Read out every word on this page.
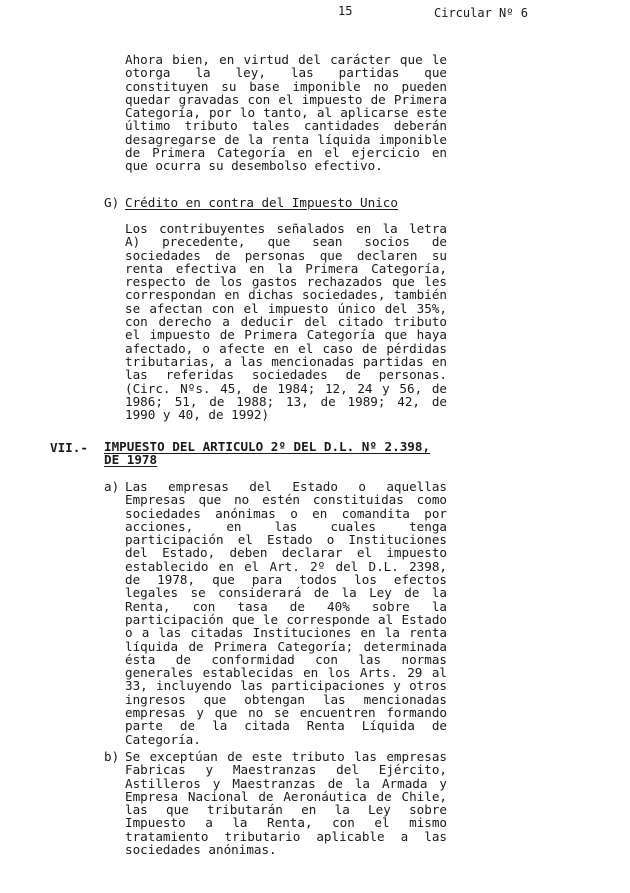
15	Circular Nº 6
Ahora bien, en virtud del carácter que le otorga la ley, las partidas que constituyen su base imponible no pueden quedar gravadas con el impuesto de Primera Categoría, por lo tanto, al aplicarse este último tributo tales cantidades deberán desagregarse de la renta líquida imponible de Primera Categoría en el ejercicio en que ocurra su desembolso efectivo.
G) Crédito en contra del Impuesto Unico
Los contribuyentes señalados en la letra A) precedente, que sean socios de sociedades de personas que declaren su renta efectiva en la Primera Categoría, respecto de los gastos rechazados que les correspondan en dichas sociedades, también se afectan con el impuesto único del 35%, con derecho a deducir del citado tributo el impuesto de Primera Categoría que haya afectado, o afecte en el caso de pérdidas tributarias, a las mencionadas partidas en las referidas sociedades de personas. (Circ. Nºs. 45, de 1984; 12, 24 y 56, de 1986; 51, de 1988; 13, de 1989; 42, de 1990 y 40, de 1992)
VII.- IMPUESTO DEL ARTICULO 2º DEL D.L. Nº 2.398,
DE 1978
a) Las empresas del Estado o aquellas Empresas que no estén constituidas como sociedades anónimas o en comandita por acciones, en las cuales tenga participación el Estado o Instituciones del Estado, deben declarar el impuesto establecido en el Art. 2º del D.L. 2398, de 1978, que para todos los efectos legales se considerará de la Ley de la Renta, con tasa de 40% sobre la participación que le corresponde al Estado o a las citadas Instituciones en la renta líquida de Primera Categoría; determinada ésta de conformidad con las normas generales establecidas en los Arts. 29 al 33, incluyendo las participaciones y otros ingresos que obtengan las mencionadas empresas y que no se encuentren formando parte de la citada Renta Líquida de Categoría.
b) Se exceptúan de este tributo las empresas Fabricas y Maestranzas del Ejército, Astilleros y Maestranzas de la Armada y Empresa Nacional de Aeronáutica de Chile, las que tributarán en la Ley sobre Impuesto a la Renta, con el mismo tratamiento tributario aplicable a las sociedades anónimas.
